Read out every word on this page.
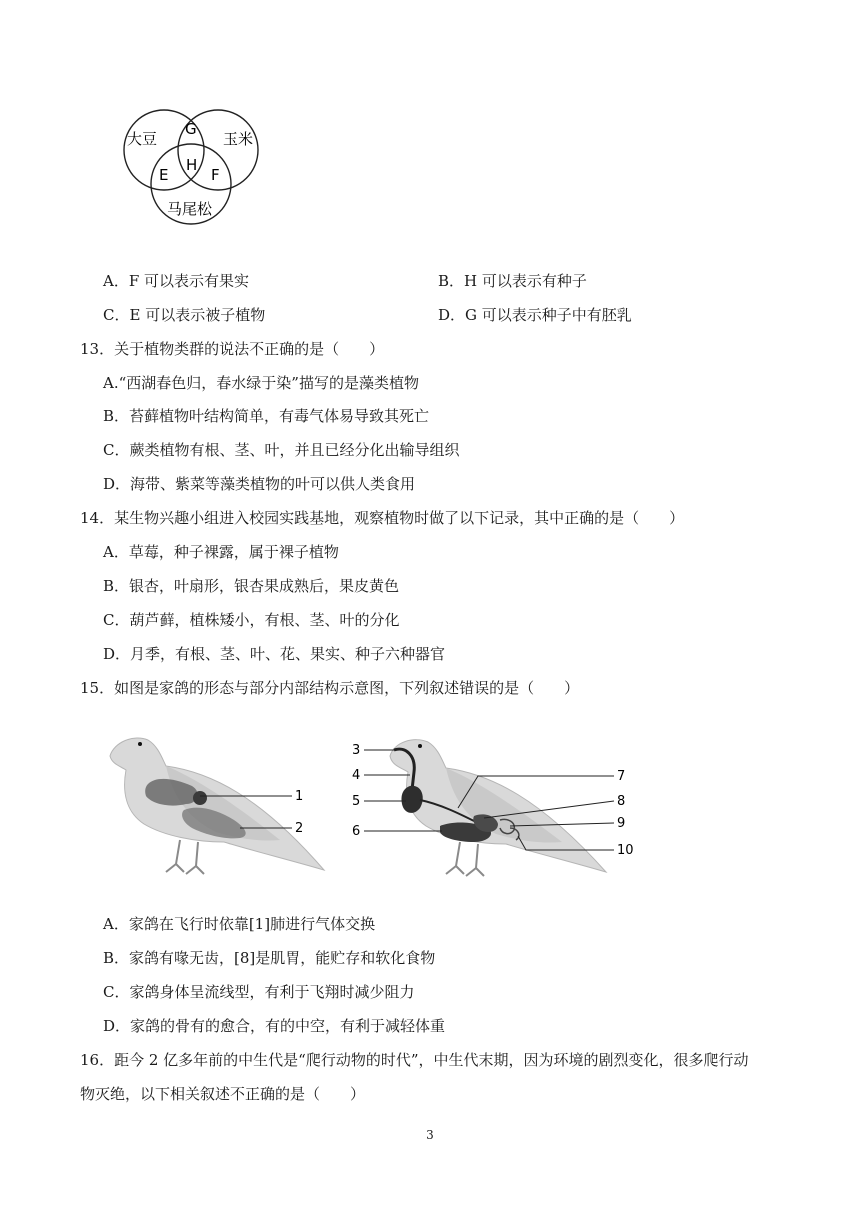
大豆	玉米
马尾松
G
H
E	F
A．F 可以表示有果实	B．H 可以表示有种子
C．E 可以表示被子植物	D．G 可以表示种子中有胚乳
13．关于植物类群的说法不正确的是（　　）
A.“西湖春色归，春水绿于染”描写的是藻类植物
B．苔藓植物叶结构简单，有毒气体易导致其死亡
C．蕨类植物有根、茎、叶，并且已经分化出输导组织
D．海带、紫菜等藻类植物的叶可以供人类食用
14．某生物兴趣小组进入校园实践基地，观察植物时做了以下记录，其中正确的是（　　）
A．草莓，种子裸露，属于裸子植物
B．银杏，叶扇形，银杏果成熟后，果皮黄色
C．葫芦藓，植株矮小，有根、茎、叶的分化
D．月季，有根、茎、叶、花、果实、种子六种器官
15．如图是家鸽的形态与部分内部结构示意图，下列叙述错误的是（　　）
1
2
3
4
5
6
7
8
9
10
A．家鸽在飞行时依靠[1]肺进行气体交换
B．家鸽有喙无齿，[8]是肌胃，能贮存和软化食物
C．家鸽身体呈流线型，有利于飞翔时减少阻力
D．家鸽的骨有的愈合，有的中空，有利于减轻体重
16．距今 2 亿多年前的中生代是“爬行动物的时代”，中生代末期，因为环境的剧烈变化，很多爬行动
物灭绝，以下相关叙述不正确的是（　　）
3
